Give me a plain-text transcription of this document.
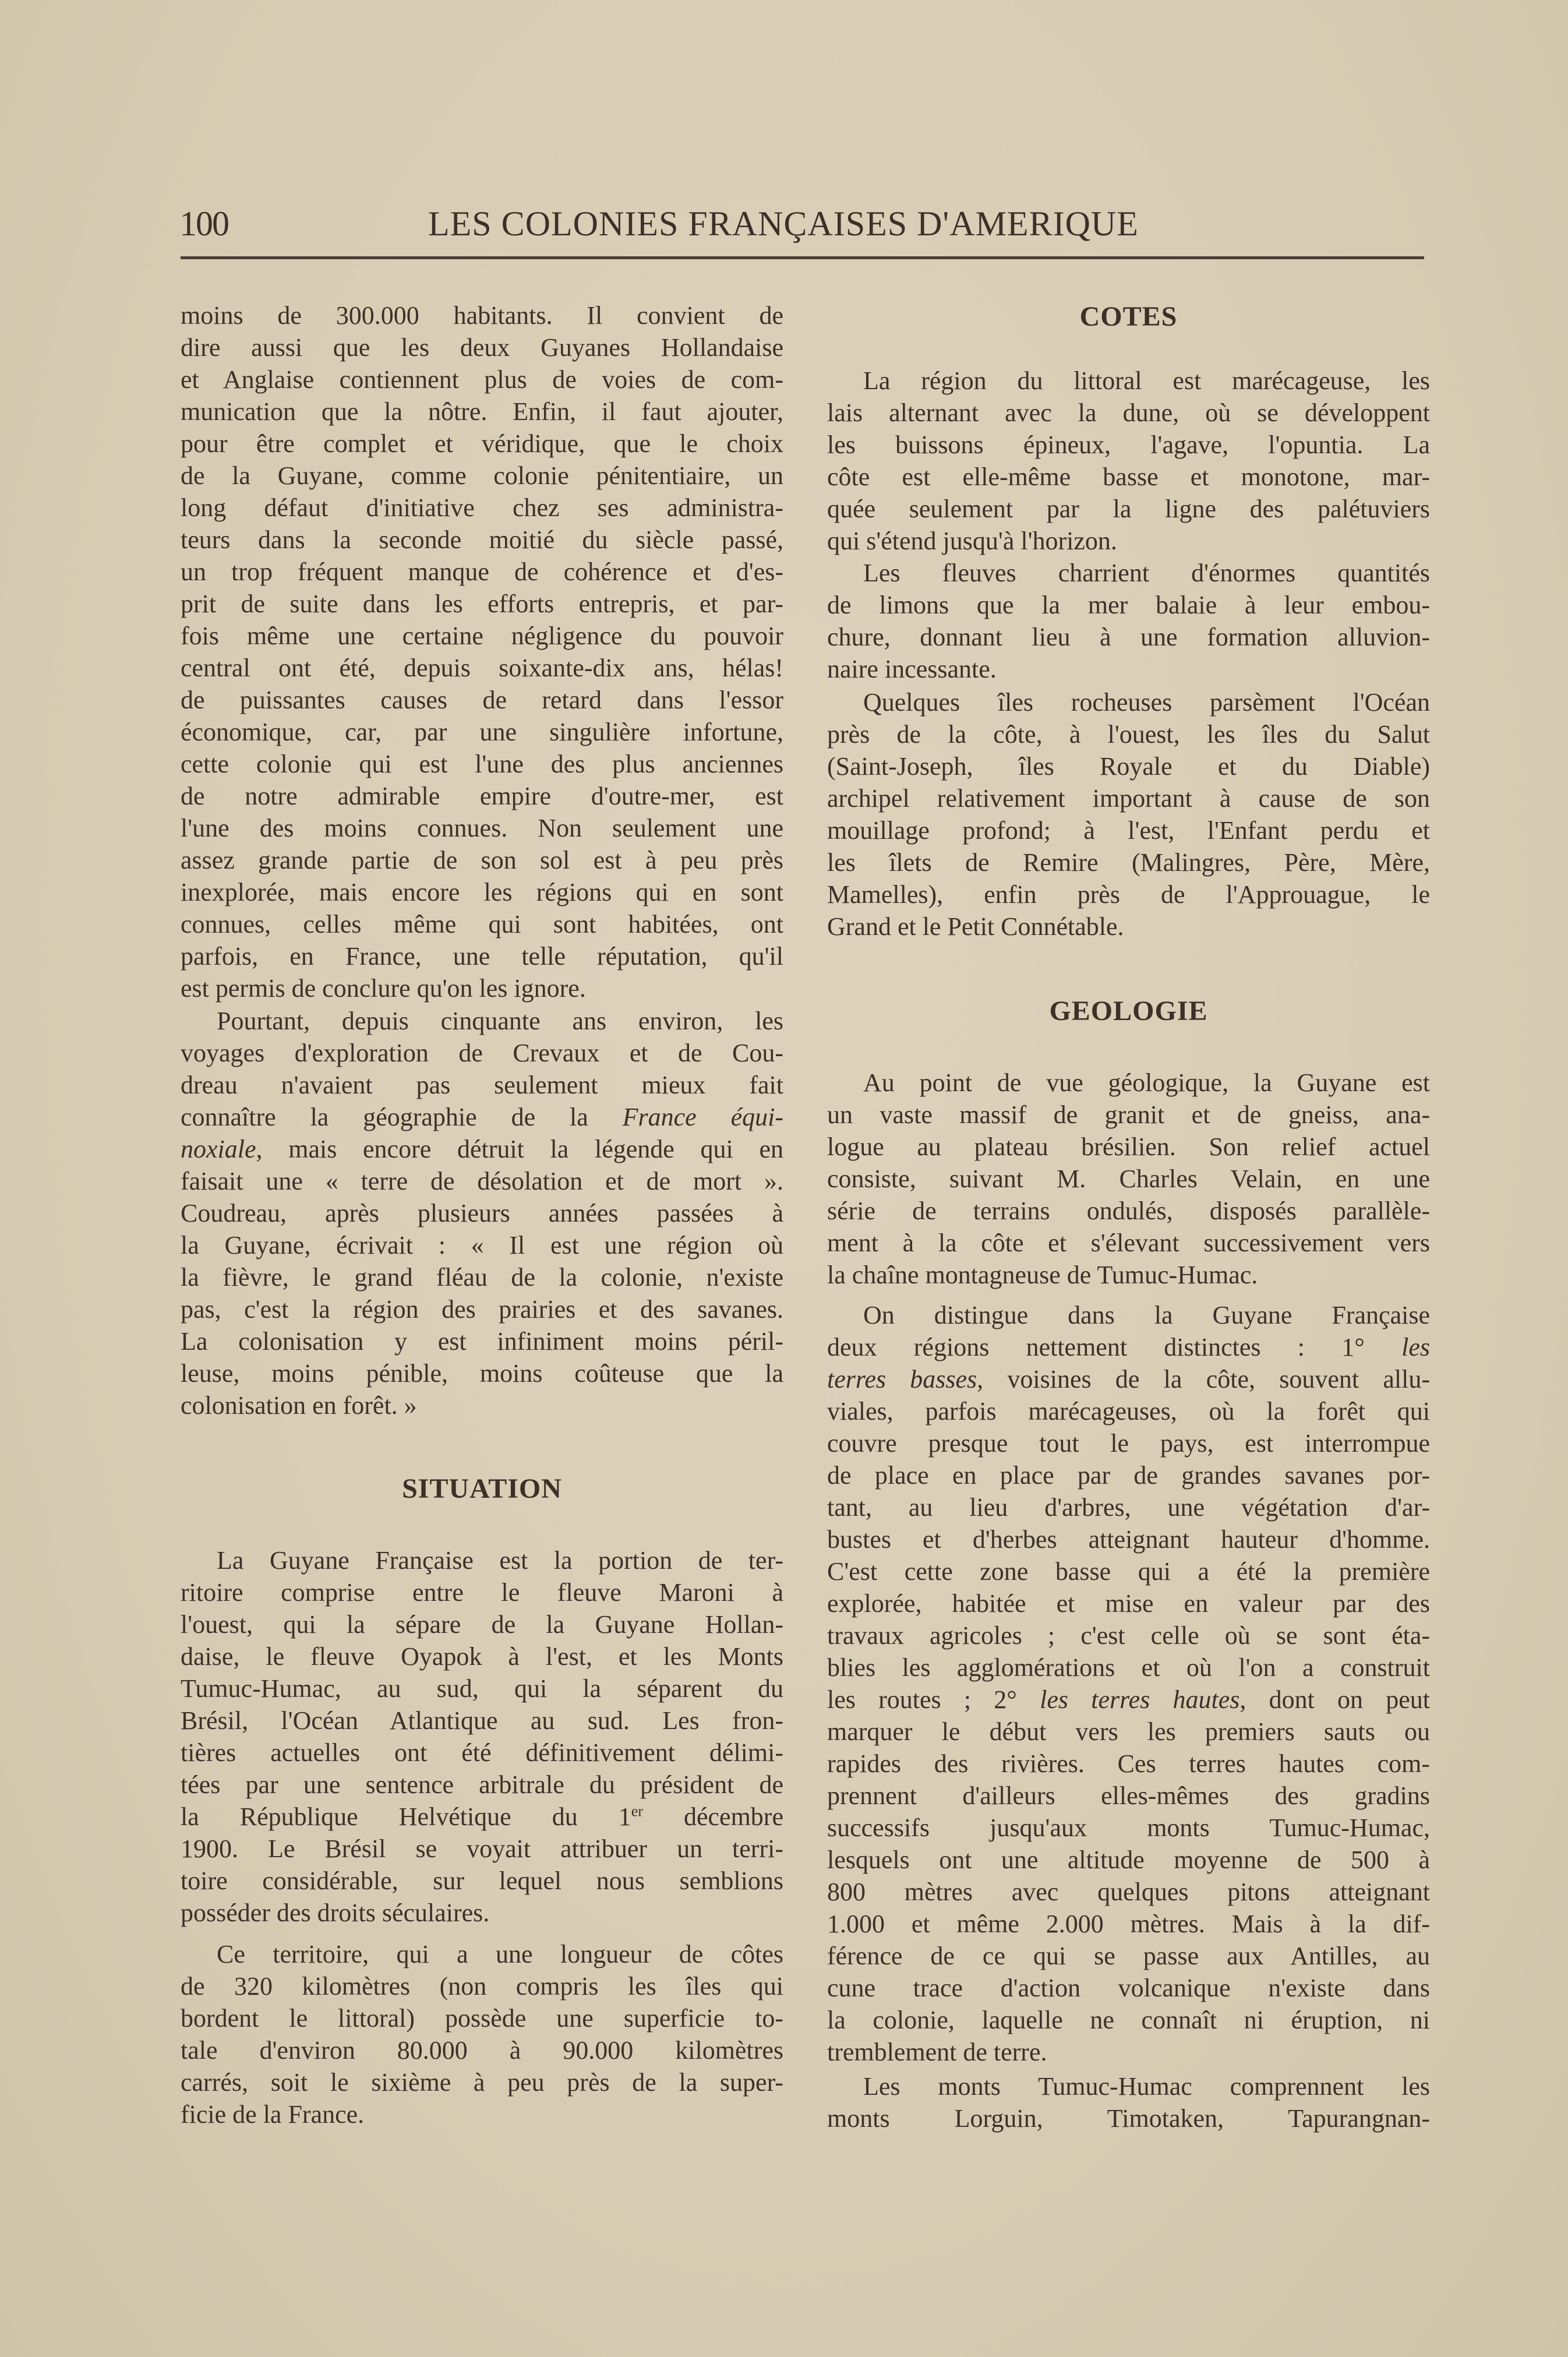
100	LES COLONIES FRANÇAISES D'AMERIQUE
moins de 300.000 habitants. Il convient de
dire aussi que les deux Guyanes Hollandaise
et Anglaise contiennent plus de voies de com-
munication que la nôtre. Enfin, il faut ajouter,
pour être complet et véridique, que le choix
de la Guyane, comme colonie pénitentiaire, un
long défaut d'initiative chez ses administra-
teurs dans la seconde moitié du siècle passé,
un trop fréquent manque de cohérence et d'es-
prit de suite dans les efforts entrepris, et par-
fois même une certaine négligence du pouvoir
central ont été, depuis soixante-dix ans, hélas!
de puissantes causes de retard dans l'essor
économique, car, par une singulière infortune,
cette colonie qui est l'une des plus anciennes
de notre admirable empire d'outre-mer, est
l'une des moins connues. Non seulement une
assez grande partie de son sol est à peu près
inexplorée, mais encore les régions qui en sont
connues, celles même qui sont habitées, ont
parfois, en France, une telle réputation, qu'il
est permis de conclure qu'on les ignore.
Pourtant, depuis cinquante ans environ, les
voyages d'exploration de Crevaux et de Cou-
dreau n'avaient pas seulement mieux fait
connaître la géographie de la France équi-
noxiale, mais encore détruit la légende qui en
faisait une « terre de désolation et de mort ».
Coudreau, après plusieurs années passées à
la Guyane, écrivait : « Il est une région où
la fièvre, le grand fléau de la colonie, n'existe
pas, c'est la région des prairies et des savanes.
La colonisation y est infiniment moins péril-
leuse, moins pénible, moins coûteuse que la
colonisation en forêt. »
SITUATION
La Guyane Française est la portion de ter-
ritoire comprise entre le fleuve Maroni à
l'ouest, qui la sépare de la Guyane Hollan-
daise, le fleuve Oyapok à l'est, et les Monts
Tumuc-Humac, au sud, qui la séparent du
Brésil, l'Océan Atlantique au sud. Les fron-
tières actuelles ont été définitivement délimi-
tées par une sentence arbitrale du président de
la République Helvétique du 1er décembre
1900. Le Brésil se voyait attribuer un terri-
toire considérable, sur lequel nous semblions
posséder des droits séculaires.
Ce territoire, qui a une longueur de côtes
de 320 kilomètres (non compris les îles qui
bordent le littoral) possède une superficie to-
tale d'environ 80.000 à 90.000 kilomètres
carrés, soit le sixième à peu près de la super-
ficie de la France.
COTES
La région du littoral est marécageuse, les
lais alternant avec la dune, où se développent
les buissons épineux, l'agave, l'opuntia. La
côte est elle-même basse et monotone, mar-
quée seulement par la ligne des palétuviers
qui s'étend jusqu'à l'horizon.
Les fleuves charrient d'énormes quantités
de limons que la mer balaie à leur embou-
chure, donnant lieu à une formation alluvion-
naire incessante.
Quelques îles rocheuses parsèment l'Océan
près de la côte, à l'ouest, les îles du Salut
(Saint-Joseph, îles Royale et du Diable)
archipel relativement important à cause de son
mouillage profond; à l'est, l'Enfant perdu et
les îlets de Remire (Malingres, Père, Mère,
Mamelles), enfin près de l'Approuague, le
Grand et le Petit Connétable.
GEOLOGIE
Au point de vue géologique, la Guyane est
un vaste massif de granit et de gneiss, ana-
logue au plateau brésilien. Son relief actuel
consiste, suivant M. Charles Velain, en une
série de terrains ondulés, disposés parallèle-
ment à la côte et s'élevant successivement vers
la chaîne montagneuse de Tumuc-Humac.
On distingue dans la Guyane Française
deux régions nettement distinctes : 1° les
terres basses, voisines de la côte, souvent allu-
viales, parfois marécageuses, où la forêt qui
couvre presque tout le pays, est interrompue
de place en place par de grandes savanes por-
tant, au lieu d'arbres, une végétation d'ar-
bustes et d'herbes atteignant hauteur d'homme.
C'est cette zone basse qui a été la première
explorée, habitée et mise en valeur par des
travaux agricoles ; c'est celle où se sont éta-
blies les agglomérations et où l'on a construit
les routes ; 2° les terres hautes, dont on peut
marquer le début vers les premiers sauts ou
rapides des rivières. Ces terres hautes com-
prennent d'ailleurs elles-mêmes des gradins
successifs jusqu'aux monts Tumuc-Humac,
lesquels ont une altitude moyenne de 500 à
800 mètres avec quelques pitons atteignant
1.000 et même 2.000 mètres. Mais à la dif-
férence de ce qui se passe aux Antilles, au
cune trace d'action volcanique n'existe dans
la colonie, laquelle ne connaît ni éruption, ni
tremblement de terre.
Les monts Tumuc-Humac comprennent les
monts Lorguin, Timotaken, Tapurangnan-
